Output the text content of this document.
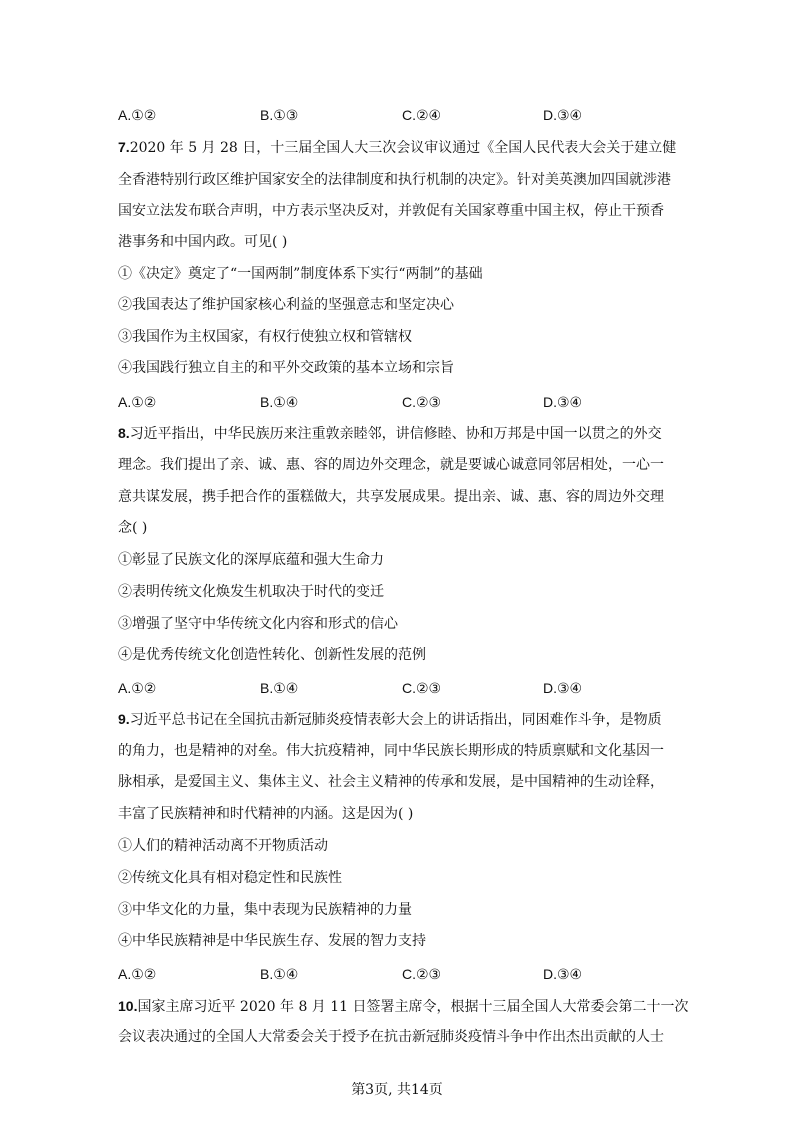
A.①②	B.①③	C.②④	D.③④
7.2020 年 5 月 28 日，十三届全国人大三次会议审议通过《全国人民代表大会关于建立健
全香港特别行政区维护国家安全的法律制度和执行机制的决定》。针对美英澳加四国就涉港
国安立法发布联合声明，中方表示坚决反对，并敦促有关国家尊重中国主权，停止干预香
港事务和中国内政。可见( )
①《决定》奠定了“一国两制”制度体系下实行“两制”的基础
②我国表达了维护国家核心利益的坚强意志和坚定决心
③我国作为主权国家，有权行使独立权和管辖权
④我国践行独立自主的和平外交政策的基本立场和宗旨
A.①②	B.①④	C.②③	D.③④
8.习近平指出，中华民族历来注重敦亲睦邻，讲信修睦、协和万邦是中国一以贯之的外交
理念。我们提出了亲、诚、惠、容的周边外交理念，就是要诚心诚意同邻居相处，一心一
意共谋发展，携手把合作的蛋糕做大，共享发展成果。提出亲、诚、惠、容的周边外交理
念( )
①彰显了民族文化的深厚底蕴和强大生命力
②表明传统文化焕发生机取决于时代的变迁
③增强了坚守中华传统文化内容和形式的信心
④是优秀传统文化创造性转化、创新性发展的范例
A.①②	B.①④	C.②③	D.③④
9.习近平总书记在全国抗击新冠肺炎疫情表彰大会上的讲话指出，同困难作斗争，是物质
的角力，也是精神的对垒。伟大抗疫精神，同中华民族长期形成的特质禀赋和文化基因一
脉相承，是爱国主义、集体主义、社会主义精神的传承和发展，是中国精神的生动诠释，
丰富了民族精神和时代精神的内涵。这是因为( )
①人们的精神活动离不开物质活动
②传统文化具有相对稳定性和民族性
③中华文化的力量，集中表现为民族精神的力量
④中华民族精神是中华民族生存、发展的智力支持
A.①②	B.①④	C.②③	D.③④
10.国家主席习近平 2020 年 8 月 11 日签署主席令，根据十三届全国人大常委会第二十一次
会议表决通过的全国人大常委会关于授予在抗击新冠肺炎疫情斗争中作出杰出贡献的人士
第3页, 共14页
